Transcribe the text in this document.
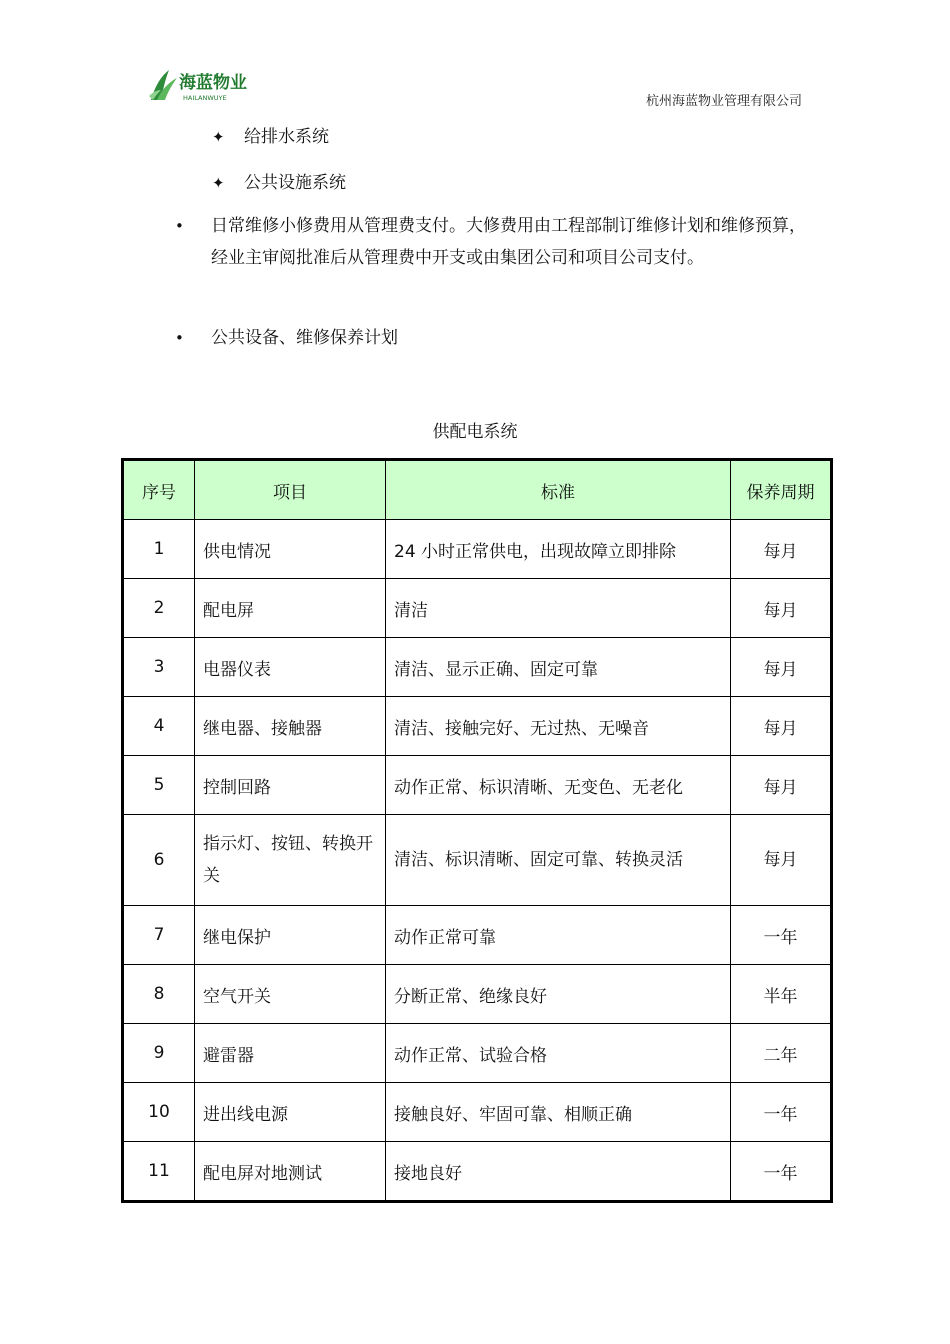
海蓝物业
HAILANWUYE	杭州海蓝物业管理有限公司
✦ 给排水系统
✦ 公共设施系统
• 日常维修小修费用从管理费支付。大修费用由工程部制订维修计划和维修预算，经业主审阅批准后从管理费中开支或由集团公司和项目公司支付。
• 公共设备、维修保养计划
供配电系统
序号	项目	标准	保养周期
1	供电情况	24 小时正常供电，出现故障立即排除	每月
2	配电屏	清洁	每月
3	电器仪表	清洁、显示正确、固定可靠	每月
4	继电器、接触器	清洁、接触完好、无过热、无噪音	每月
5	控制回路	动作正常、标识清晰、无变色、无老化	每月
6	指示灯、按钮、转换开关	清洁、标识清晰、固定可靠、转换灵活	每月
7	继电保护	动作正常可靠	一年
8	空气开关	分断正常、绝缘良好	半年
9	避雷器	动作正常、试验合格	二年
10	进出线电源	接触良好、牢固可靠、相顺正确	一年
11	配电屏对地测试	接地良好	一年
